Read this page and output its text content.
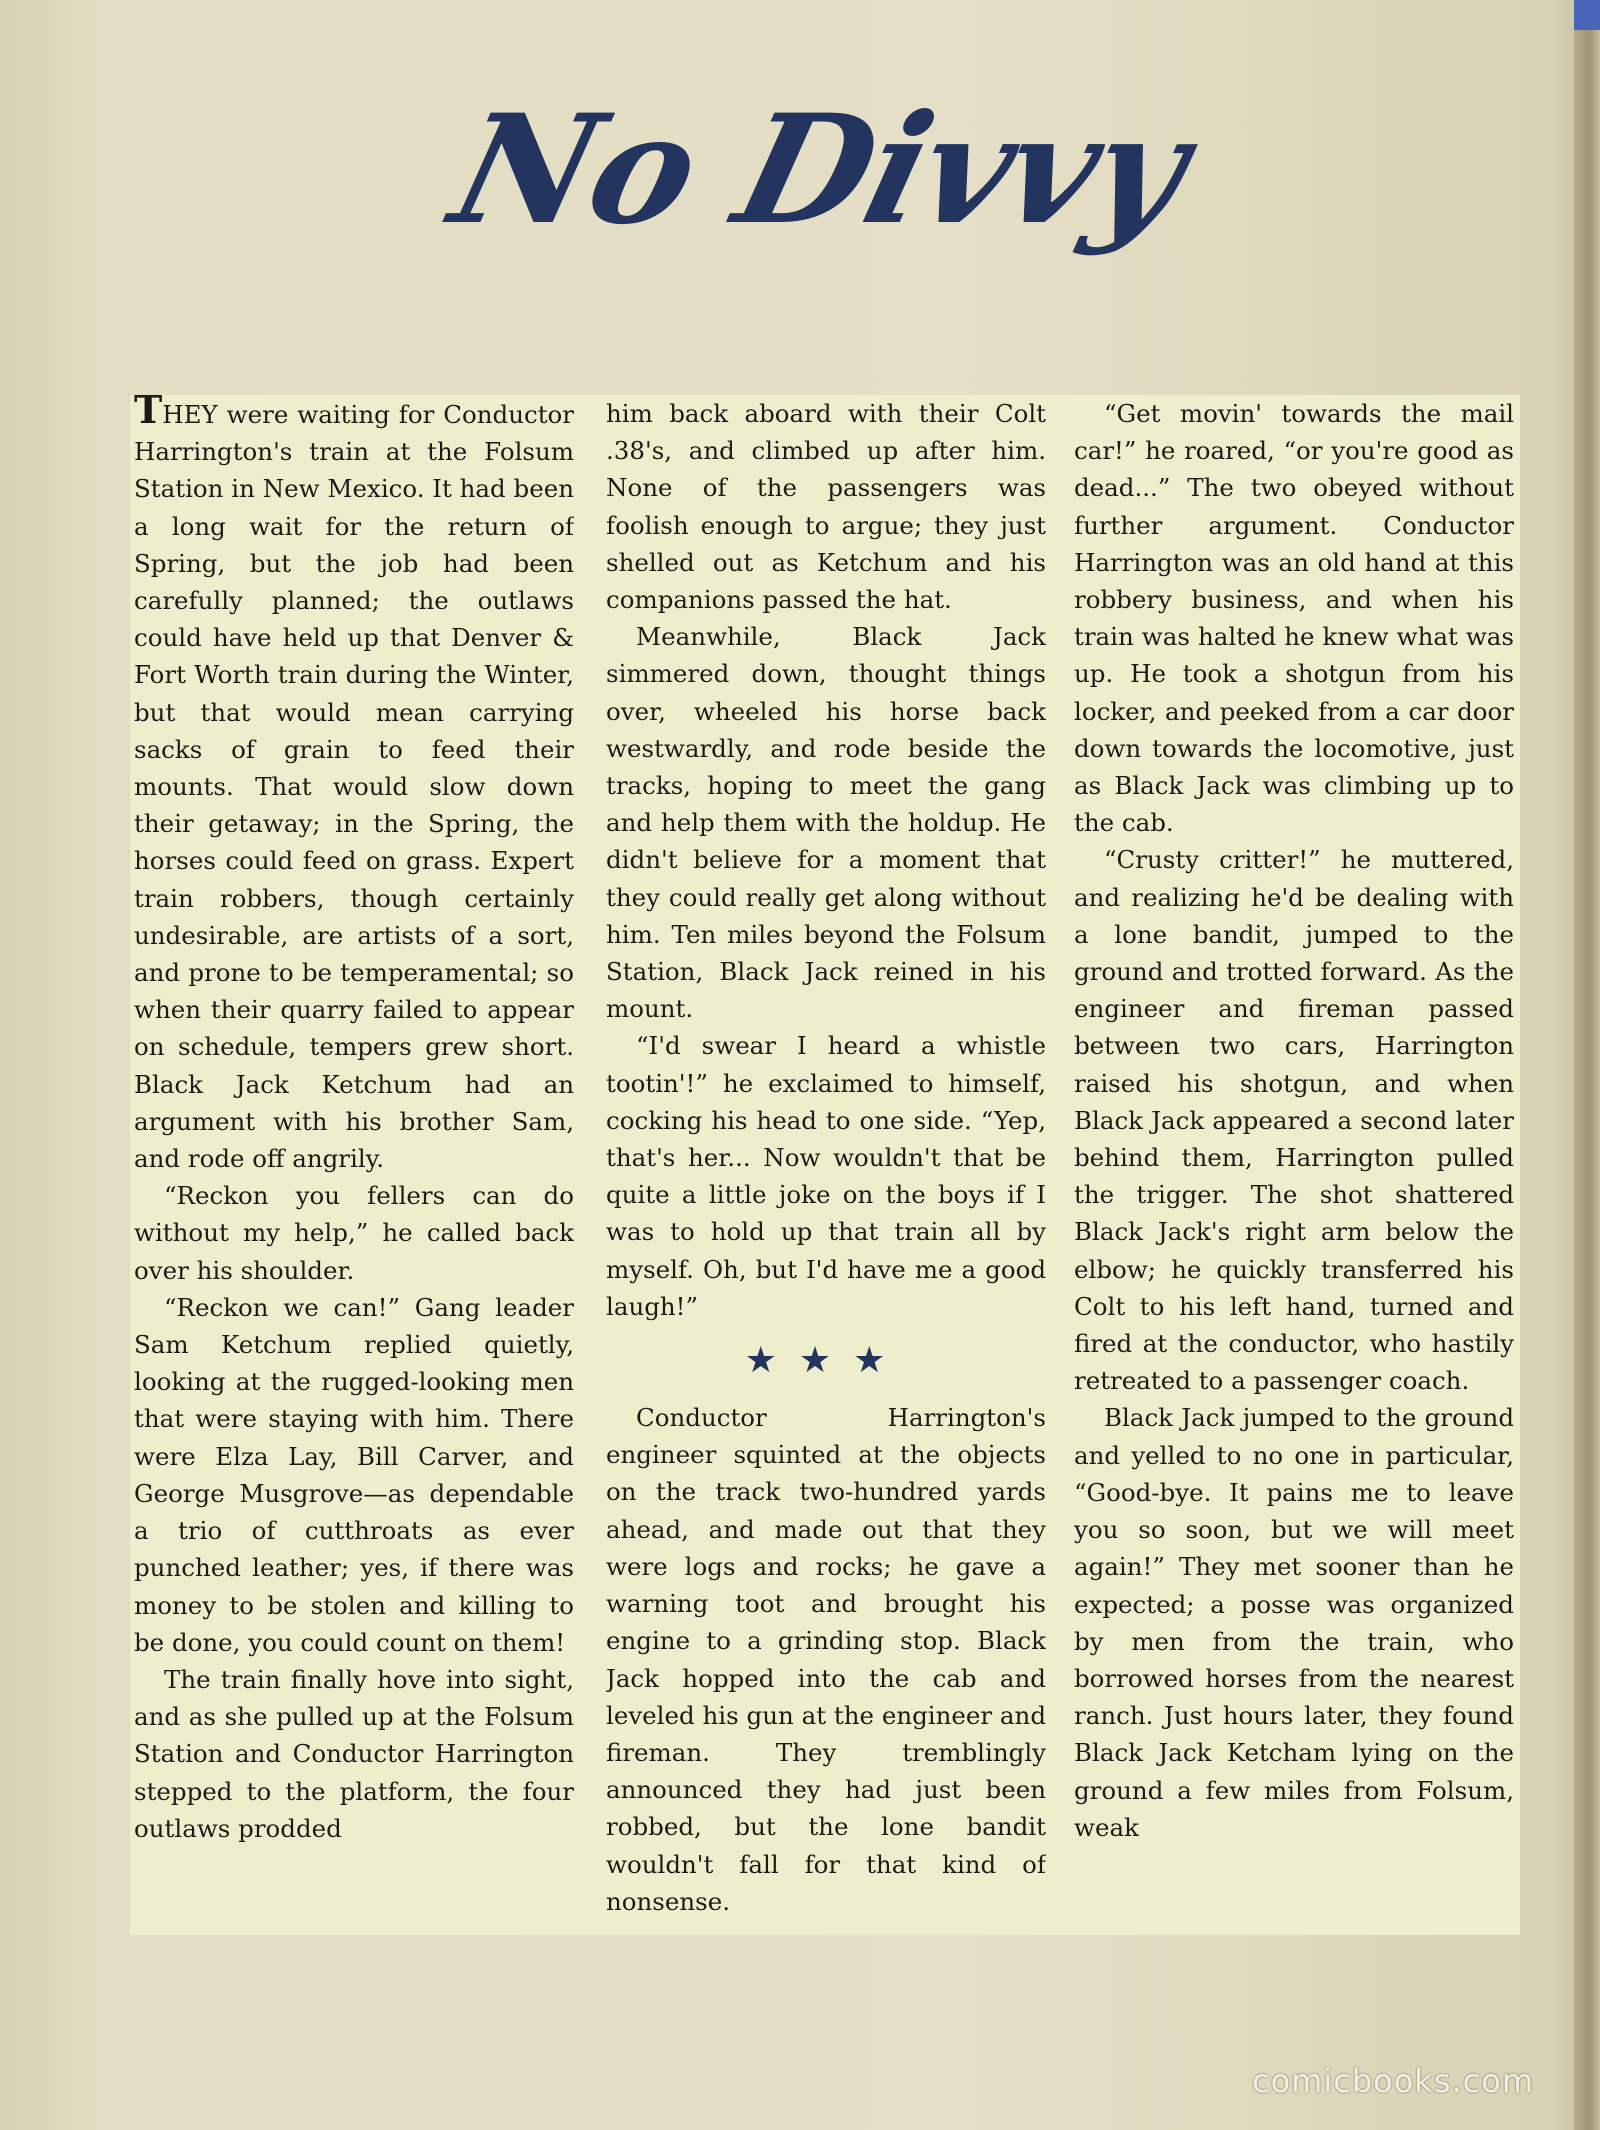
No Divvy

THEY were waiting for Conductor Harrington's train at the Folsum Station in New Mexico. It had been a long wait for the return of Spring, but the job had been carefully planned; the outlaws could have held up that Denver & Fort Worth train during the Winter, but that would mean carrying sacks of grain to feed their mounts. That would slow down their getaway; in the Spring, the horses could feed on grass. Expert train robbers, though certainly undesirable, are artists of a sort, and prone to be temperamental; so when their quarry failed to appear on schedule, tempers grew short. Black Jack Ketchum had an argument with his brother Sam, and rode off angrily.

“Reckon you fellers can do without my help,” he called back over his shoulder.

“Reckon we can!” Gang leader Sam Ketchum replied quietly, looking at the rugged-looking men that were staying with him. There were Elza Lay, Bill Carver, and George Musgrove—as dependable a trio of cutthroats as ever punched leather; yes, if there was money to be stolen and killing to be done, you could count on them!

The train finally hove into sight, and as she pulled up at the Folsum Station and Conductor Harrington stepped to the platform, the four outlaws prodded

him back aboard with their Colt .38's, and climbed up after him. None of the passengers was foolish enough to argue; they just shelled out as Ketchum and his companions passed the hat.

Meanwhile, Black Jack simmered down, thought things over, wheeled his horse back westwardly, and rode beside the tracks, hoping to meet the gang and help them with the holdup. He didn't believe for a moment that they could really get along without him. Ten miles beyond the Folsum Station, Black Jack reined in his mount.

“I'd swear I heard a whistle tootin'!” he exclaimed to himself, cocking his head to one side. “Yep, that's her... Now wouldn't that be quite a little joke on the boys if I was to hold up that train all by myself. Oh, but I'd have me a good laugh!”

★★★

Conductor Harrington's engineer squinted at the objects on the track two-hundred yards ahead, and made out that they were logs and rocks; he gave a warning toot and brought his engine to a grinding stop. Black Jack hopped into the cab and leveled his gun at the engineer and fireman. They tremblingly announced they had just been robbed, but the lone bandit wouldn't fall for that kind of nonsense.

“Get movin' towards the mail car!” he roared, “or you're good as dead...” The two obeyed without further argument. Conductor Harrington was an old hand at this robbery business, and when his train was halted he knew what was up. He took a shotgun from his locker, and peeked from a car door down towards the locomotive, just as Black Jack was climbing up to the cab.

“Crusty critter!” he muttered, and realizing he'd be dealing with a lone bandit, jumped to the ground and trotted forward. As the engineer and fireman passed between two cars, Harrington raised his shotgun, and when Black Jack appeared a second later behind them, Harrington pulled the trigger. The shot shattered Black Jack's right arm below the elbow; he quickly transferred his Colt to his left hand, turned and fired at the conductor, who hastily retreated to a passenger coach.

Black Jack jumped to the ground and yelled to no one in particular, “Good-bye. It pains me to leave you so soon, but we will meet again!” They met sooner than he expected; a posse was organized by men from the train, who borrowed horses from the nearest ranch. Just hours later, they found Black Jack Ketcham lying on the ground a few miles from Folsum, weak

comicbooks.com
